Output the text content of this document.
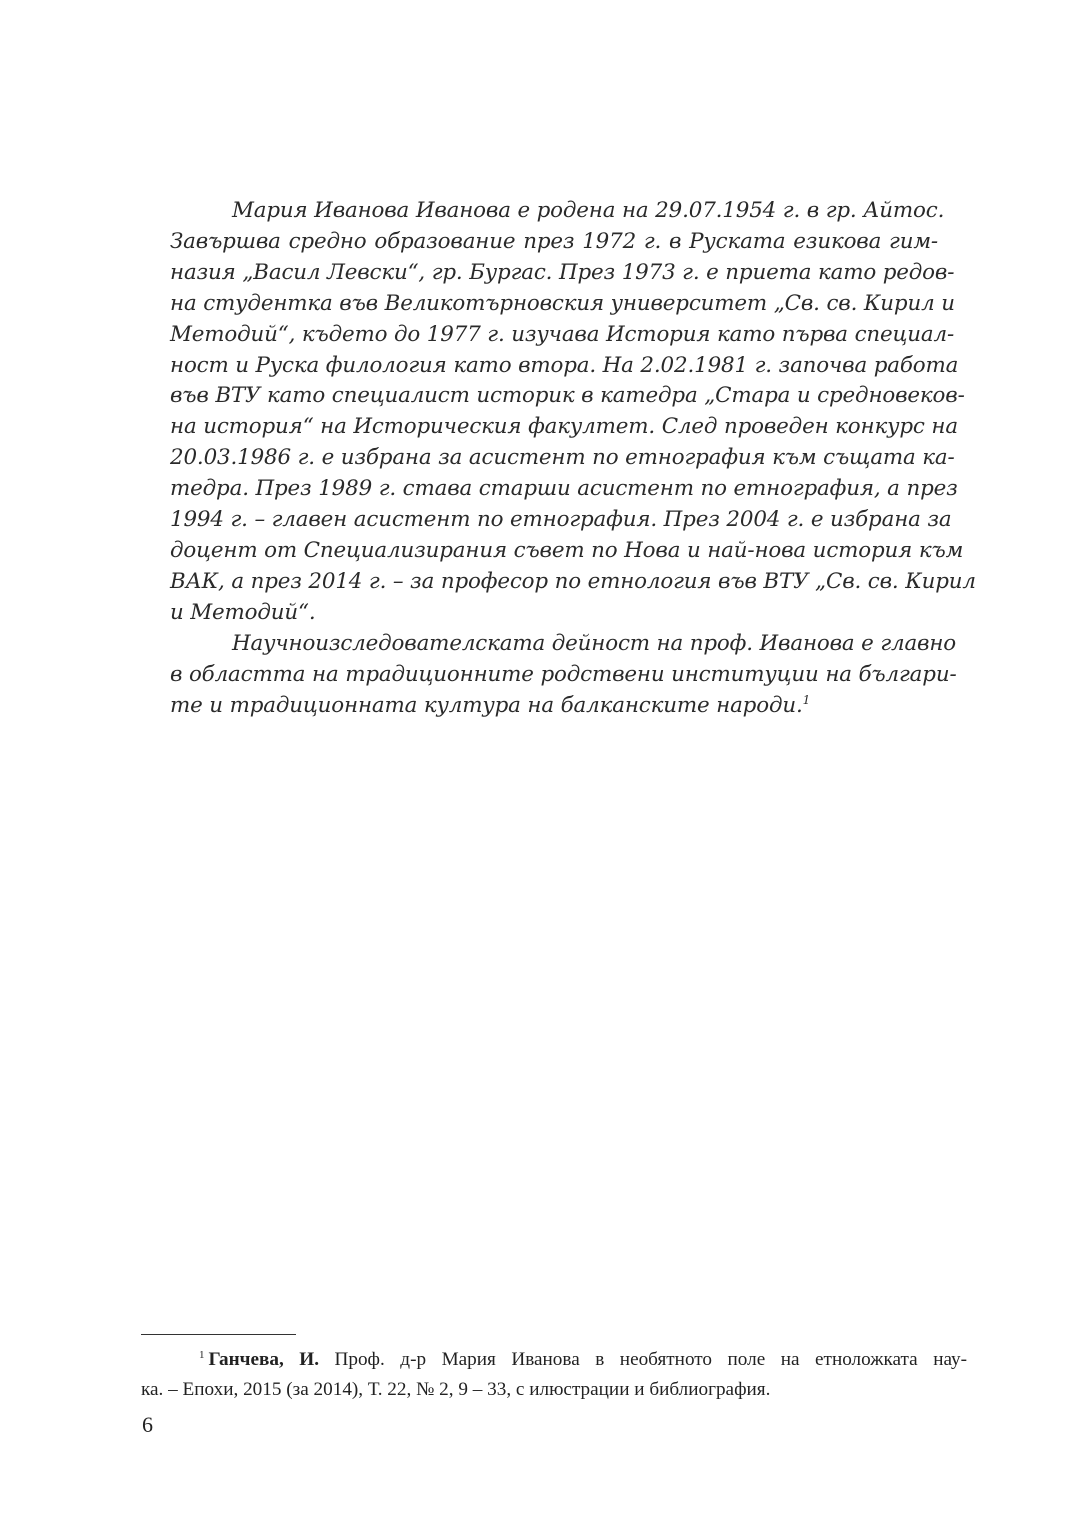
Мария Иванова Иванова е родена на 29.07.1954 г. в гр. Айтос.
Завършва средно образование през 1972 г. в Руската езикова гим-
назия „Васил Левски“, гр. Бургас. През 1973 г. е приета като редов-
на студентка във Великотърновския университет „Св. св. Кирил и
Методий“, където до 1977 г. изучава История като първа специал-
ност и Руска филология като втора. На 2.02.1981 г. започва работа
във ВТУ като специалист историк в катедра „Стара и средновеков-
на история“ на Историческия факултет. След проведен конкурс на
20.03.1986 г. е избрана за асистент по етнография към същата ка-
тедра. През 1989 г. става старши асистент по етнография, а през
1994 г. – главен асистент по етнография. През 2004 г. е избрана за
доцент от Специализирания съвет по Нова и най-нова история към
ВАК, а през 2014 г. – за професор по етнология във ВТУ „Св. св. Кирил
и Методий“.

Научноизследователската дейност на проф. Иванова е главно
в областта на традиционните родствени институции на българи-
те и традиционната култура на балканските народи.$^1$

$^1$ Ганчева, И. Проф. д-р Мария Иванова в необятното поле на етноложката нау-
ка. – Епохи, 2015 (за 2014), Т. 22, № 2, 9 – 33, с илюстрации и библиография.
6
